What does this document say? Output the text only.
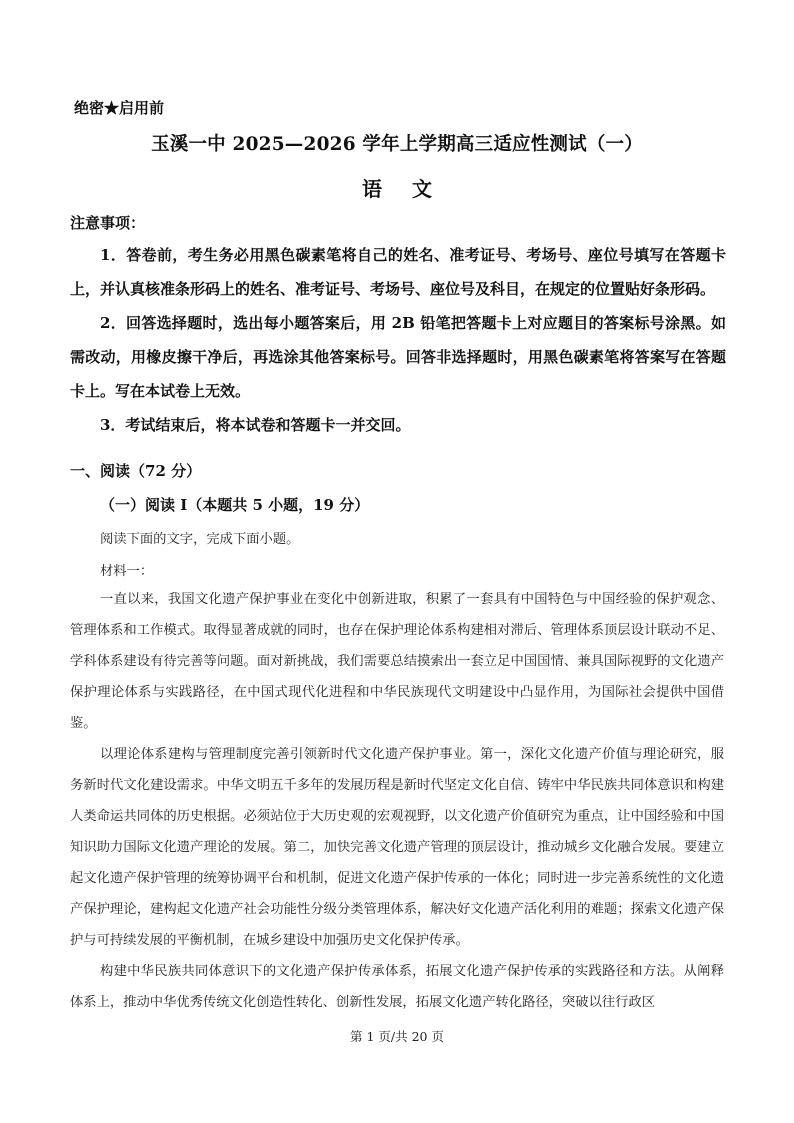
绝密★启用前
玉溪一中 2025—2026 学年上学期高三适应性测试（一）
语文
注意事项：

1．答卷前，考生务必用黑色碳素笔将自己的姓名、准考证号、考场号、座位号填写在答题卡上，并认真核准条形码上的姓名、准考证号、考场号、座位号及科目，在规定的位置贴好条形码。

2．回答选择题时，选出每小题答案后，用 2B 铅笔把答题卡上对应题目的答案标号涂黑。如需改动，用橡皮擦干净后，再选涂其他答案标号。回答非选择题时，用黑色碳素笔将答案写在答题卡上。写在本试卷上无效。

3．考试结束后，将本试卷和答题卡一并交回。

一、阅读（72 分）
（一）阅读 I（本题共 5 小题，19 分）
阅读下面的文字，完成下面小题。
材料一：

一直以来，我国文化遗产保护事业在变化中创新进取，积累了一套具有中国特色与中国经验的保护观念、管理体系和工作模式。取得显著成就的同时，也存在保护理论体系构建相对滞后、管理体系顶层设计联动不足、学科体系建设有待完善等问题。面对新挑战，我们需要总结摸索出一套立足中国国情、兼具国际视野的文化遗产保护理论体系与实践路径，在中国式现代化进程和中华民族现代文明建设中凸显作用，为国际社会提供中国借鉴。

以理论体系建构与管理制度完善引领新时代文化遗产保护事业。第一，深化文化遗产价值与理论研究，服务新时代文化建设需求。中华文明五千多年的发展历程是新时代坚定文化自信、铸牢中华民族共同体意识和构建人类命运共同体的历史根据。必须站位于大历史观的宏观视野，以文化遗产价值研究为重点，让中国经验和中国知识助力国际文化遗产理论的发展。第二，加快完善文化遗产管理的顶层设计，推动城乡文化融合发展。要建立起文化遗产保护管理的统筹协调平台和机制，促进文化遗产保护传承的一体化；同时进一步完善系统性的文化遗产保护理论，建构起文化遗产社会功能性分级分类管理体系，解决好文化遗产活化利用的难题；探索文化遗产保护与可持续发展的平衡机制，在城乡建设中加强历史文化保护传承。

构建中华民族共同体意识下的文化遗产保护传承体系，拓展文化遗产保护传承的实践路径和方法。从阐释体系上，推动中华优秀传统文化创造性转化、创新性发展，拓展文化遗产转化路径，突破以往行政区

第 1 页/共 20 页
